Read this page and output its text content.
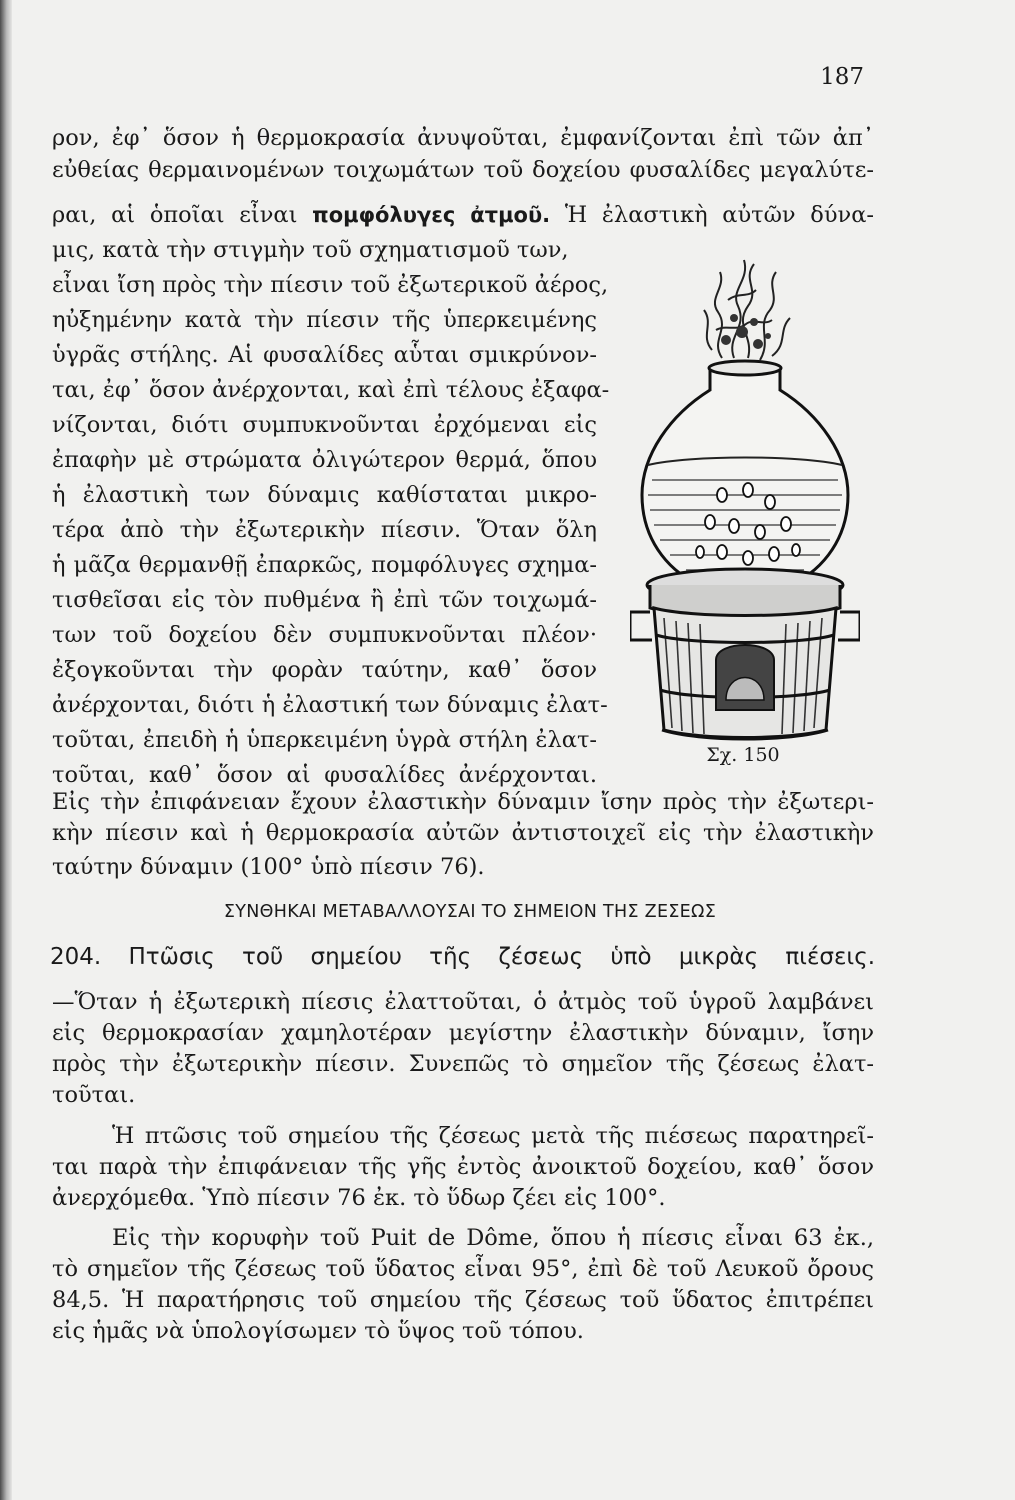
187
ρον, ἐφ᾽ ὅσον ἡ θερμοκρασία ἀνυψοῦται, ἐμφανίζονται ἐπὶ τῶν ἀπ᾽
εὐθείας θερμαινομένων τοιχωμάτων τοῦ δοχείου φυσαλίδες μεγαλύτε-
ραι, αἱ ὁποῖαι εἶναι πομφόλυγες ἀτμοῦ. Ἡ ἐλαστικὴ αὐτῶν δύνα-
μις, κατὰ τὴν στιγμὴν τοῦ σχηματισμοῦ των,
εἶναι ἴση πρὸς τὴν πίεσιν τοῦ ἐξωτερικοῦ ἀέρος,
ηὐξημένην κατὰ τὴν πίεσιν τῆς ὑπερκειμένης
ὑγρᾶς στήλης. Αἱ φυσαλίδες αὗται σμικρύνον-
ται, ἐφ᾽ ὅσον ἀνέρχονται, καὶ ἐπὶ τέλους ἐξαφα-
νίζονται, διότι συμπυκνοῦνται ἐρχόμεναι εἰς
ἐπαφὴν μὲ στρώματα ὀλιγώτερον θερμά, ὅπου
ἡ ἐλαστικὴ των δύναμις καθίσταται μικρο-
τέρα ἀπὸ τὴν ἐξωτερικὴν πίεσιν. Ὅταν ὅλη
ἡ μᾶζα θερμανθῇ ἐπαρκῶς, πομφόλυγες σχημα-
τισθεῖσαι εἰς τὸν πυθμένα ἢ ἐπὶ τῶν τοιχωμά-
των τοῦ δοχείου δὲν συμπυκνοῦνται πλέον·
ἐξογκοῦνται τὴν φορὰν ταύτην, καθ᾽ ὅσον
ἀνέρχονται, διότι ἡ ἐλαστική των δύναμις ἐλατ-
τοῦται, ἐπειδὴ ἡ ὑπερκειμένη ὑγρὰ στήλη ἐλατ-
τοῦται, καθ᾽ ὅσον αἱ φυσαλίδες ἀνέρχονται.
Εἰς τὴν ἐπιφάνειαν ἔχουν ἐλαστικὴν δύναμιν ἴσην πρὸς τὴν ἐξωτερι-
κὴν πίεσιν καὶ ἡ θερμοκρασία αὐτῶν ἀντιστοιχεῖ εἰς τὴν ἐλαστικὴν
ταύτην δύναμιν (100° ὑπὸ πίεσιν 76).
Σχ. 150
ΣΥΝΘΗΚΑΙ ΜΕΤΑΒΑΛΛΟΥΣΑΙ ΤΟ ΣΗΜΕΙΟΝ ΤΗΣ ΖΕΣΕΩΣ
204. Πτῶσις τοῦ σημείου τῆς ζέσεως ὑπὸ μικρὰς πιέσεις.
—Ὅταν ἡ ἐξωτερικὴ πίεσις ἐλαττοῦται, ὁ ἀτμὸς τοῦ ὑγροῦ λαμβάνει
εἰς θερμοκρασίαν χαμηλοτέραν μεγίστην ἐλαστικὴν δύναμιν, ἴσην
πρὸς τὴν ἐξωτερικὴν πίεσιν. Συνεπῶς τὸ σημεῖον τῆς ζέσεως ἐλατ-
τοῦται.
Ἡ πτῶσις τοῦ σημείου τῆς ζέσεως μετὰ τῆς πιέσεως παρατηρεῖ-
ται παρὰ τὴν ἐπιφάνειαν τῆς γῆς ἐντὸς ἀνοικτοῦ δοχείου, καθ᾽ ὅσον
ἀνερχόμεθα. Ὑπὸ πίεσιν 76 ἐκ. τὸ ὕδωρ ζέει εἰς 100°.
Εἰς τὴν κορυφὴν τοῦ Puit de Dôme, ὅπου ἡ πίεσις εἶναι 63 ἐκ.,
τὸ σημεῖον τῆς ζέσεως τοῦ ὕδατος εἶναι 95°, ἐπὶ δὲ τοῦ Λευκοῦ ὄρους
84,5. Ἡ παρατήρησις τοῦ σημείου τῆς ζέσεως τοῦ ὕδατος ἐπιτρέπει
εἰς ἡμᾶς νὰ ὑπολογίσωμεν τὸ ὕψος τοῦ τόπου.
